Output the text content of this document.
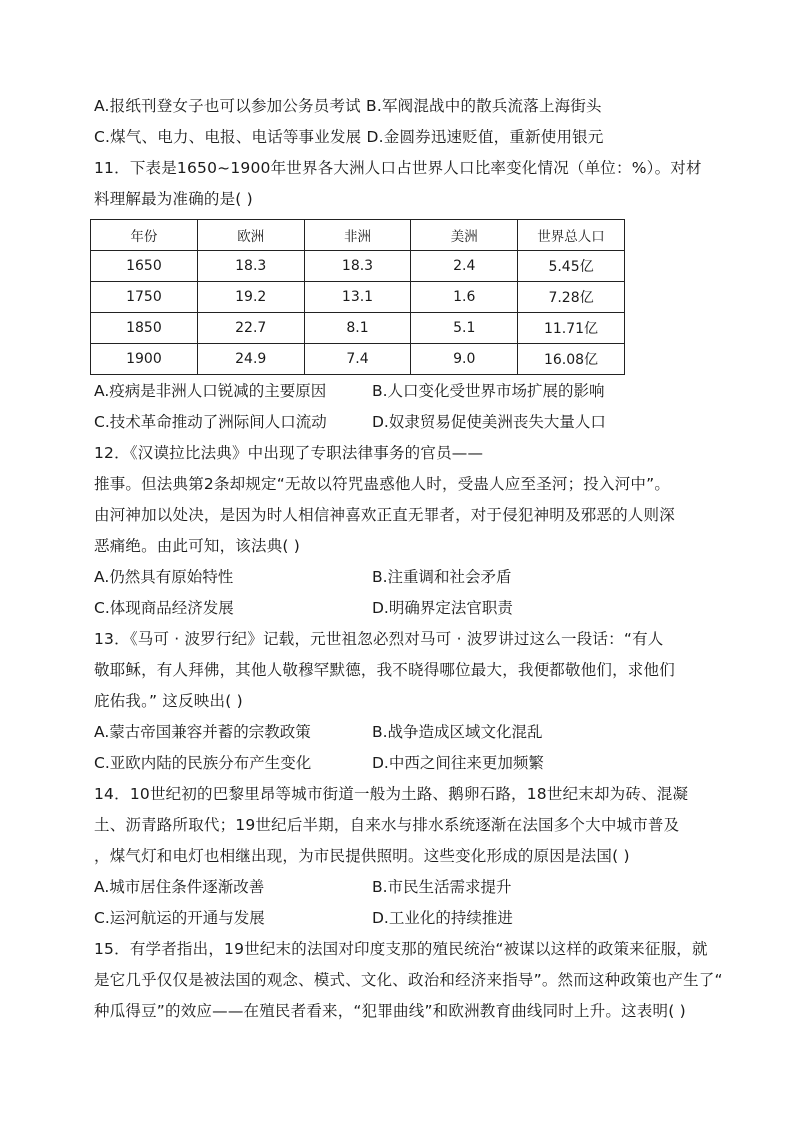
A.报纸刊登女子也可以参加公务员考试 B.军阀混战中的散兵流落上海街头
C.煤气、电力、电报、电话等事业发展 D.金圆券迅速贬值，重新使用银元
11．下表是1650~1900年世界各大洲人口占世界人口比率变化情况（单位：%）。对材
料理解最为准确的是( )
年份	欧洲	非洲	美洲	世界总人口
1650	18.3	18.3	2.4	5.45亿
1750	19.2	13.1	1.6	7.28亿
1850	22.7	8.1	5.1	11.71亿
1900	24.9	7.4	9.0	16.08亿
A.疫病是非洲人口锐减的主要原因	B.人口变化受世界市场扩展的影响
C.技术革命推动了洲际间人口流动	D.奴隶贸易促使美洲丧失大量人口
12．《汉谟拉比法典》中出现了专职法律事务的官员——
推事。但法典第2条却规定“无故以符咒蛊惑他人时，受蛊人应至圣河；投入河中”。
由河神加以处决，是因为时人相信神喜欢正直无罪者，对于侵犯神明及邪恶的人则深
恶痛绝。由此可知，该法典( )
A.仍然具有原始特性	B.注重调和社会矛盾
C.体现商品经济发展	D.明确界定法官职责
13．《马可 · 波罗行纪》记载，元世祖忽必烈对马可 · 波罗讲过这么一段话：“有人
敬耶稣，有人拜佛，其他人敬穆罕默德，我不晓得哪位最大，我便都敬他们，求他们
庇佑我。” 这反映出( )
A.蒙古帝国兼容并蓄的宗教政策	B.战争造成区域文化混乱
C.亚欧内陆的民族分布产生变化	D.中西之间往来更加频繁
14．10世纪初的巴黎里昂等城市街道一般为土路、鹅卵石路，18世纪末却为砖、混凝
土、沥青路所取代；19世纪后半期，自来水与排水系统逐渐在法国多个大中城市普及
，煤气灯和电灯也相继出现，为市民提供照明。这些变化形成的原因是法国( )
A.城市居住条件逐渐改善	B.市民生活需求提升
C.运河航运的开通与发展	D.工业化的持续推进
15．有学者指出，19世纪末的法国对印度支那的殖民统治“被谋以这样的政策来征服，就
是它几乎仅仅是被法国的观念、模式、文化、政治和经济来指导”。然而这种政策也产生了“
种瓜得豆”的效应——在殖民者看来，“犯罪曲线”和欧洲教育曲线同时上升。这表明( )
